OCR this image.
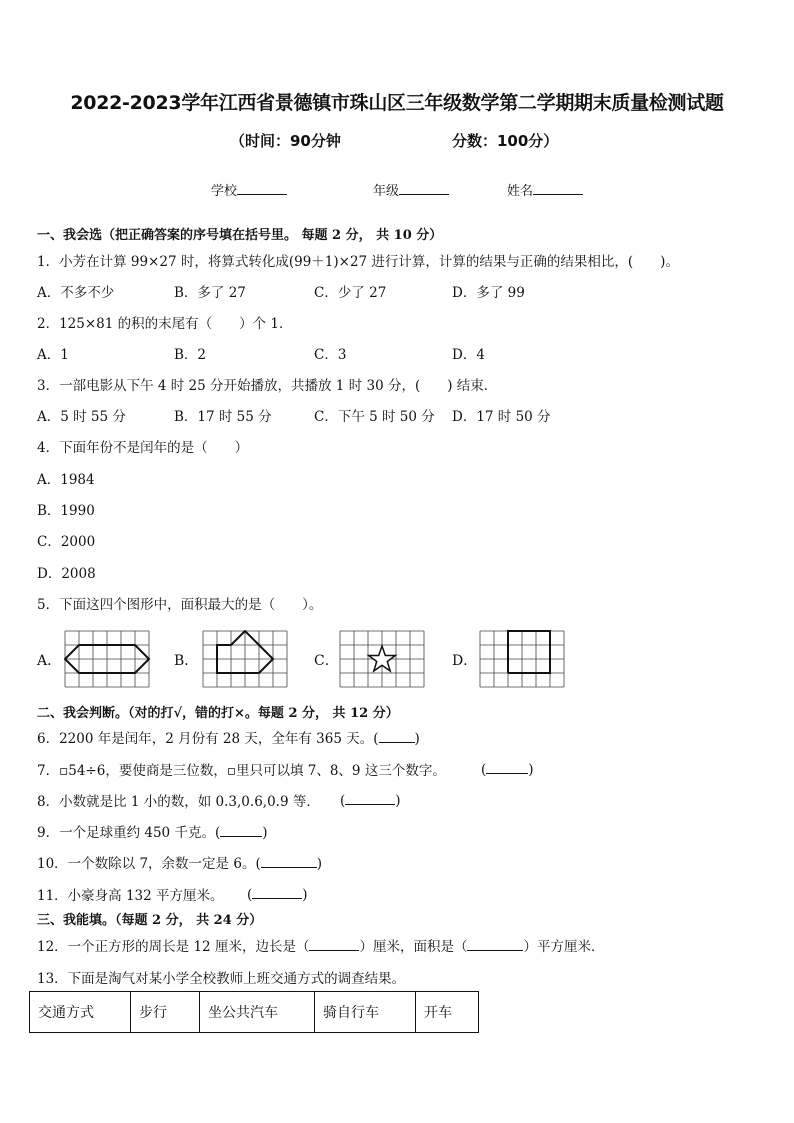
2022-2023学年江西省景德镇市珠山区三年级数学第二学期期末质量检测试题
（时间：90分钟	分数：100分）
学校	年级	姓名
一、我会选（把正确答案的序号填在括号里。 每题 2 分， 共 10 分）
1．小芳在计算 99×27 时，将算式转化成(99＋1)×27 进行计算，计算的结果与正确的结果相比，(　　)。
A．不多不少	B．多了 27	C．少了 27	D．多了 99
2．125×81 的积的末尾有（　　）个 1．
A．1	B．2	C．3	D．4
3．一部电影从下午 4 时 25 分开始播放，共播放 1 时 30 分，(　　) 结束．
A．5 时 55 分	B．17 时 55 分	C．下午 5 时 50 分 D．17 时 50 分
4．下面年份不是闰年的是（　　）
A．1984
B．1990
C．2000
D．2008
5．下面这四个图形中，面积最大的是（　　）。
A．	B．	C．	D．
二、我会判断。（对的打√，错的打×。每题 2 分， 共 12 分）
6．2200 年是闰年，2 月份有 28 天，全年有 365 天。(	)
7．▫54÷6，要使商是三位数，▫里只可以填 7、8、9 这三个数字。	(	)
8．小数就是比 1 小的数，如 0.3,0.6,0.9 等． (	)
9．一个足球重约 450 千克。(	)
10．一个数除以 7，余数一定是 6。(	)
11．小豪身高 132 平方厘米。 (	)
三、我能填。（每题 2 分， 共 24 分）
12．一个正方形的周长是 12 厘米，边长是（	）厘米，面积是（	）平方厘米．
13．下面是淘气对某小学全校教师上班交通方式的调查结果。
交通方式	步行	坐公共汽车	骑自行车	开车
